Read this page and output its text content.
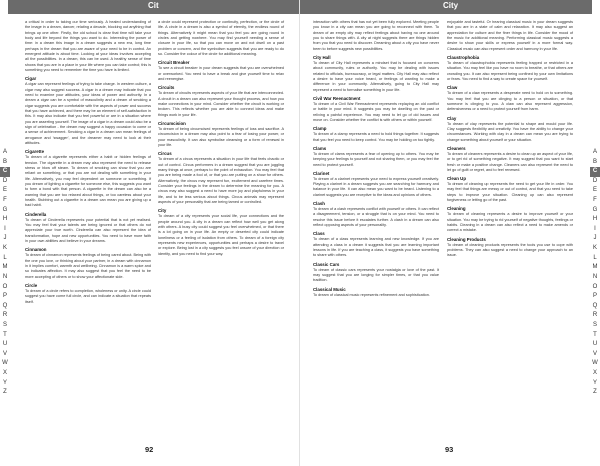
Cit

a critical in order to taking our time seriously. A healed understanding of the image in a dream, dancer, relating a decade, blocking out anything that brings up one other. Firstly, the old school is clear that time will take your body and life beyond the things you want to do. Interesting the power of time: in a dream this image in a dream suggests a new era, long time perhaps in the dream that you are aware of your need to be in control. An emergent attitude is about time. Looking at your ideas involves accepting all the possibilities. In a dream, this can be used. A healthy sense of time shows that you are in a place in your life where you can take control; this is something you need to remember the time you have is limited.

Cigar

A cigar can represent feelings of trying to take charge. In western culture, a cigar may also suggest success. A cigar in a dream may indicate that you need to examine your attitudes, your ideas of power and authority. In a dream a cigar can be a symbol of masculinity and a dream of smoking a cigar suggests you are comfortable with the aspects of power and success that you have achieved, and there may be an element of self-satisfaction in this. It may also indicate that you feel powerful or are in a situation where you are asserting yourself. The image of a cigar in a dream could also be a sign of celebration - the dream may suggest a happy occasion to come or a sense of achievement. Smoking a cigar in a dream can mean feelings of arrogance and 'swagger', and the dreamer may need to look at their attitudes.

Cigarette

To dream of a cigarette represents either a habit or hidden feelings of tension. The cigarette in a dream may also represent the need to release stress or blow off steam. To dream of smoking can show that you are reliant on something, or that you are not dealing with something in your life. Alternatively, you may feel dependent on someone or something. If you dream of lighting a cigarette for someone else, this suggests you want to form a bond with that person. A cigarette in the dream can also be a warning that you are too relaxed about things, or too careless about your health. Stubbing out a cigarette in a dream can mean you are giving up a bad habit.

Cinderella

To dream of Cinderella represents your potential that is not yet realised. You may feel that your talents are being ignored or that others do not appreciate your true worth. Cinderella can also represent the idea of transformation, hope and new opportunities. You need to have more faith in your own abilities and believe in your dreams.

Cinnamon

To dream of cinnamon represents feelings of being cared about. Being with the one you love, or thinking about your partner, in a dream with cinnamon in it implies comfort, warmth and wellbeing. Cinnamon is a warm spice and so indicates affection. It may also suggest that you feel the need to be more accepting of others or to show your affectionate side.

Circle

To dream of a circle refers to completion, wholeness or unity. A circle could suggest you have come full circle, and can indicate a situation that repeats itself.

a circle could represent protection or continuity, perfection, or the circle of life. A circle in a dream is also a symbol of eternity, the endless round of things. Alternatively it might mean that you feel you are going round in circles and getting nowhere. You may find yourself needing a sense of closure in your life, so that you can move on and not dwell on a past problem or concern, and the symbolism suggests that you are ready to do so. Consider the colour of the circle for additional meaning.

Circuit Breaker

To see a circuit breaker in your dream suggests that you are overwhelmed or overworked. You need to have a break and give yourself time to relax and reenergise.

Circuits

To dream of circuits represents aspects of your life that are interconnected. A circuit in a dream can also represent your thought process, and how you make connections in your mind. Consider whether the circuit is working or broken. This reflects whether you are able to connect ideas and make things work in your life.

Circumcision

To dream of being circumcised represents feelings of loss and sacrifice. A circumcision in a dream may also point to a fear of losing your power, or your masculinity. It can also symbolise cleansing or a form of renewal in your life.

Circus

To dream of a circus represents a situation in your life that feels chaotic or out of control. Circus performers in a dream suggest that you are juggling many things at once, perhaps to the point of exhaustion. You may feel that you are being made a fool of, or that you are putting on a show for others. Alternatively, the circus may represent fun, excitement and carefree times. Consider your feelings in the dream to determine the meaning for you. A circus may also suggest a need to have more joy and playfulness in your life, and to be less serious about things. Circus animals may represent aspects of your personality that are being tamed or controlled.

City

To dream of a city represents your social life, your connections and the people around you. A city in a dream can reflect how well you get along with others. A busy city could suggest you feel overwhelmed, or that there is a lot going on in your life. An empty or deserted city could indicate loneliness or a feeling of isolation from others. To dream of a foreign city represents new experiences, opportunities and perhaps a desire to travel or explore. Being lost in a city suggests you feel unsure of your direction or identity, and you need to find your way.

A
B
C
D
E
F
G
H
I
J
K
L
M
N
O
P
Q
R
S
T
U
V
W
X
Y
Z
92
City

interaction with others that has not yet been fully explored. Meeting people you know in a city can mean you are going to reconnect with them. To dream of an empty city may reflect feelings about having no one around you to share things with. A city at night suggests there are things hidden from you that you need to discover. Dreaming about a city you have never been to before suggests new possibilities.

City Hall

To dream of City Hall represents a mindset that is focused on concerns about community, rules or authority. You may be dealing with issues related to officials, bureaucracy, or legal matters. City Hall may also reflect a desire to have your voice heard, or feelings of wanting to make a difference in your community. Alternatively, going to City Hall may represent a need to formalise something in your life.

Civil War Reenactment

To dream of a Civil War Reenactment represents replaying an old conflict or battle in your mind. It suggests you may be dwelling on the past or reliving a painful experience. You may need to let go of old issues and move on. Consider whether the conflict is with others or within yourself.

Clamp

To dream of a clamp represents a need to hold things together. It suggests that you feel you need to keep control. You may be holding on too tightly.

Clams

To dream of clams represents a fear of opening up to others. You may be keeping your feelings to yourself and not sharing them, or you may feel the need to protect yourself.

Clarinet

To dream of a clarinet represents your need to express yourself creatively. Playing a clarinet in a dream suggests you are searching for harmony and balance in your life. It can also mean you want to be heard. Listening to a clarinet suggests you are receptive to the ideas and opinions of others.

Clash

To dream of a clash represents conflict with yourself or others. It can reflect a disagreement, tension, or a struggle that is on your mind. You need to resolve this issue before it escalates further. A clash in a dream can also reflect opposing aspects of your personality.

Class

To dream of a class represents learning and new knowledge. If you are attending a class in a dream it suggests that you are learning important lessons in life. If you are teaching a class, it suggests you have something to share with others.

Classic Cars

To dream of classic cars represents your nostalgia or love of the past. It may suggest that you are longing for simpler times, or that you value tradition.

Classical Music

To dream of classical music represents refinement and sophistication.

enjoyable and tasteful. Or hearing classical music in your dream suggests that you are in a state of calm and relaxation. It may also suggest an appreciation for culture and the finer things in life. Consider the mood of the music for additional meaning. Performing classical music suggests a desire to show your skills or express yourself in a more formal way. Classical music can also represent order and harmony in your life.

Claustrophobia

To dream of claustrophobia represents feeling trapped or restricted in a situation. You may feel like you have no room to breathe, or that others are crowding you. It can also represent being confined by your own limitations or fears. You need to find a way to create space for yourself.

Claw

To dream of a claw represents a desperate need to hold on to something. You may feel that you are clinging to a person or situation, or that someone is clinging to you. A claw can also represent aggression, defensiveness or a need to protect yourself from harm.

Clay

To dream of clay represents the potential to shape and mould your life. Clay suggests flexibility and creativity. You have the ability to change your circumstances. Working with clay in a dream can mean you are trying to change something about yourself or your situation.

Cleaners

To dream of cleaners represents a desire to clean up an aspect of your life, or to get rid of something negative. It may suggest that you want to start fresh or make a positive change. Cleaners can also represent the need to let go of guilt or regret, and to feel renewed.

Clean Up

To dream of cleaning up represents the need to get your life in order. You may feel that things are messy or out of control, and that you need to take steps to improve your situation. Cleaning up can also represent forgiveness or letting go of the past.

Cleaning

To dream of cleaning represents a desire to improve yourself or your situation. You may be trying to rid yourself of negative thoughts, feelings or habits. Cleaning in a dream can also reflect a need to make amends or correct a mistake.

Cleaning Products

To dream of cleaning products represents the tools you use to cope with problems. They can also suggest a need to change your approach to an issue.

A
B
C
D
E
F
G
H
I
J
K
L
M
N
O
P
Q
R
S
T
U
V
W
X
Y
Z
93
